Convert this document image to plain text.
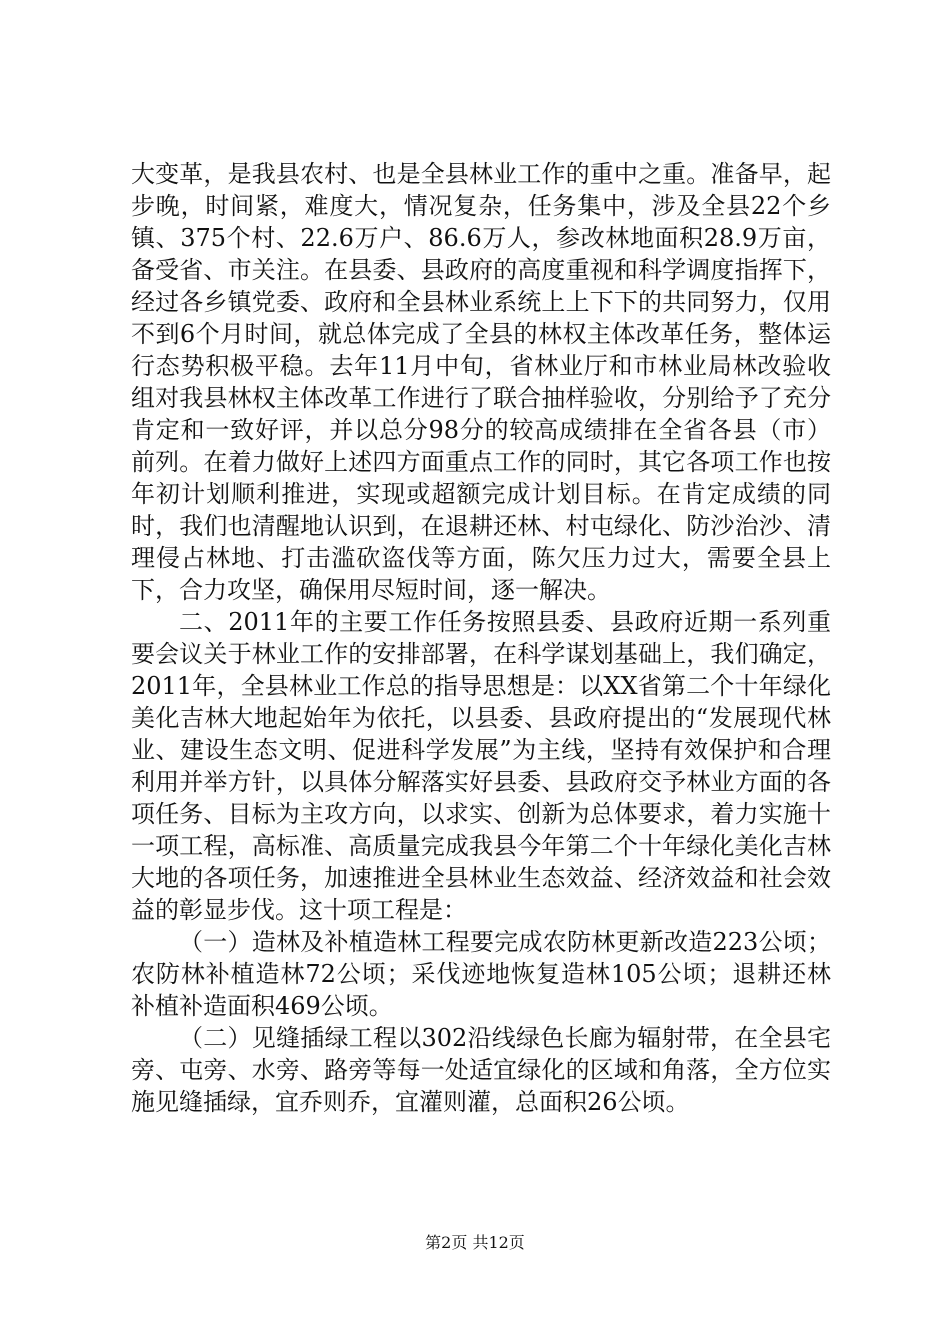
大变革，是我县农村、也是全县林业工作的重中之重。准备早，起步晚，时间紧，难度大，情况复杂，任务集中，涉及全县22个乡镇、375个村、22.6万户、86.6万人，参改林地面积28.9万亩，备受省、市关注。在县委、县政府的高度重视和科学调度指挥下，经过各乡镇党委、政府和全县林业系统上上下下的共同努力，仅用不到6个月时间，就总体完成了全县的林权主体改革任务，整体运行态势积极平稳。去年11月中旬，省林业厅和市林业局林改验收组对我县林权主体改革工作进行了联合抽样验收，分别给予了充分肯定和一致好评，并以总分98分的较高成绩排在全省各县（市）前列。在着力做好上述四方面重点工作的同时，其它各项工作也按年初计划顺利推进，实现或超额完成计划目标。在肯定成绩的同时，我们也清醒地认识到，在退耕还林、村屯绿化、防沙治沙、清理侵占林地、打击滥砍盗伐等方面，陈欠压力过大，需要全县上下，合力攻坚，确保用尽短时间，逐一解决。

二、2011年的主要工作任务按照县委、县政府近期一系列重要会议关于林业工作的安排部署，在科学谋划基础上，我们确定，2011年，全县林业工作总的指导思想是：以XX省第二个十年绿化美化吉林大地起始年为依托，以县委、县政府提出的“发展现代林业、建设生态文明、促进科学发展”为主线，坚持有效保护和合理利用并举方针，以具体分解落实好县委、县政府交予林业方面的各项任务、目标为主攻方向，以求实、创新为总体要求，着力实施十一项工程，高标准、高质量完成我县今年第二个十年绿化美化吉林大地的各项任务，加速推进全县林业生态效益、经济效益和社会效益的彰显步伐。这十项工程是：

（一）造林及补植造林工程要完成农防林更新改造223公顷；农防林补植造林72公顷；采伐迹地恢复造林105公顷；退耕还林补植补造面积469公顷。

（二）见缝插绿工程以302沿线绿色长廊为辐射带，在全县宅旁、屯旁、水旁、路旁等每一处适宜绿化的区域和角落，全方位实施见缝插绿，宜乔则乔，宜灌则灌，总面积26公顷。

第2页 共12页
